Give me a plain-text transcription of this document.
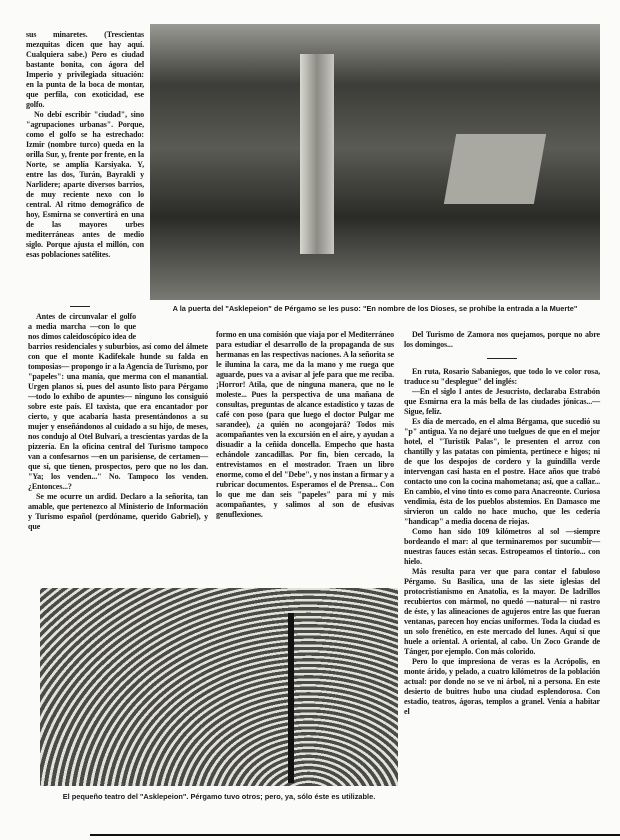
sus minaretes. (Trescientas mezquitas dicen que hay aquí. Cualquiera sabe.) Pero es ciudad bastante bonita, con ágora del Imperio y privilegiada situación: en la punta de la boca de montar, que perfila, con exoticidad, ese golfo.

No debí escribir "ciudad", sino "agrupaciones urbanas". Porque, como el golfo se ha estrechado: Izmir (nombre turco) queda en la orilla Sur, y, frente por frente, en la Norte, se amplía Karsiyaka. Y, entre las dos, Turán, Bayrakli y Narlidere; aparte diversos barrios, de muy reciente nexo con lo central. Al ritmo demográfico de hoy, Esmirna se convertirá en una de las mayores urbes mediterráneas antes de medio siglo. Porque ajusta el millón, con esas poblaciones satélites.

A la puerta del "Asklepeion" de Pérgamo se les puso: "En nombre de los Dioses, se prohíbe la entrada a la Muerte"

Antes de circunvalar el golfo a media marcha —con lo que nos dimos caleidoscópico idea de barrios residenciales y suburbios, así como del álmete con que el monte Kadifekale hunde su falda en tomposias— propongo ir a la Agencia de Turismo, por "papeles": una manía, que merma con el manantial. Urgen planos si, pues del asunto listo para Pérgamo —todo lo exhibo de apuntes— ninguno los consiguió sobre este país. El taxista, que era encantador por cierto, y que acabaría hasta presentándonos a su mujer y enseñándonos al cuidado a su hijo, de meses, nos condujo al Otel Bulvari, a trescientas yardas de la pizzería. En la oficina central del Turismo tampoco van a confesarnos —en un parisiense, de certamen— que sí, que tienen, prospectos, pero que no los dan. "Ya; los venden..." No. Tampoco los venden. ¿Entonces...?

Se me ocurre un ardid. Declaro a la señorita, tan amable, que pertenezco al Ministerio de Información y Turismo español (perdóname, querido Gabriel), y que

formo en una comisión que viaja por el Mediterráneo para estudiar el desarrollo de la propaganda de sus hermanas en las respectivas naciones. A la señorita se le ilumina la cara, me da la mano y me ruega que aguarde, pues va a avisar al jefe para que me reciba. ¡Horror! Atila, que de ninguna manera, que no le moleste... Pues la perspectiva de una mañana de consultas, preguntas de alcance estadístico y tazas de café con poso (para que luego el doctor Pulgar me sarandee), ¿a quién no acongojará? Todos mis acompañantes ven la excursión en el aire, y ayudan a disuadir a la ceñida doncella. Empecho que hasta echándole zancadillas. Por fin, bien cercado, la entrevistamos en el mostrador. Traen un libro enorme, como el del "Debe", y nos instan a firmar y a rubricar documentos. Esperamos el de Prensa... Con lo que me dan seis "papeles" para mí y mis acompañantes, y salimos al son de efusivas genuflexiones.

Del Turismo de Zamora nos quejamos, porque no abre los domingos...

En ruta, Rosario Sabaniegos, que todo lo ve color rosa, traduce su "desplegue" del inglés:

—En el siglo I antes de Jesucristo, declaraba Estrabón que Esmirna era la más bella de las ciudades jónicas...—Sigue, feliz.

Es día de mercado, en el alma Bérgama, que sucedió su "p" antigua. Ya no dejaré uno tuelgues de que en el mejor hotel, el "Turistik Palas", le presenten el arroz con chantilly y las patatas con pimienta, pertinece e higos; ni de que los despojos de cordero y la guindilla verde intervengan casi hasta en el postre. Hace años que trabó contacto uno con la cocina mahometana; así, que a callar... En cambio, el vino tinto es como para Anacreonte. Curiosa vendimia, ésta de los pueblos abstemios. En Damasco me sirvieron un caldo no hace mucho, que les cedería "handicap" a media docena de riojas.

Como han sido 109 kilómetros al sol —siempre bordeando el mar: al que terminaremos por sucumbir— nuestras fauces están secas. Estropeamos el tintorío... con hielo.

Más resulta para ver que para contar el fabuloso Pérgamo. Su Basílica, una de las siete iglesias del protocristianismo en Anatolia, es la mayor. De ladrillos recubiertos con mármol, no quedó —natural— ni rastro de éste, y las alineaciones de agujeros entre las que fueran ventanas, parecen hoy encías uniformes. Toda la ciudad es un solo frenético, en este mercado del lunes. Aquí sí que huele a oriental. A oriental, al cabo. Un Zoco Grande de Tánger, por ejemplo. Con más colorido.

Pero lo que impresiona de veras es la Acrópolis, en monte árido, y pelado, a cuatro kilómetros de la población actual: por donde no se ve ni árbol, ni a persona. En este desierto de buitres hubo una ciudad esplendorosa. Con estadio, teatros, ágoras, templos a granel. Venía a habitar el

El pequeño teatro del "Asklepeion". Pérgamo tuvo otros; pero, ya, sólo éste es utilizable.
